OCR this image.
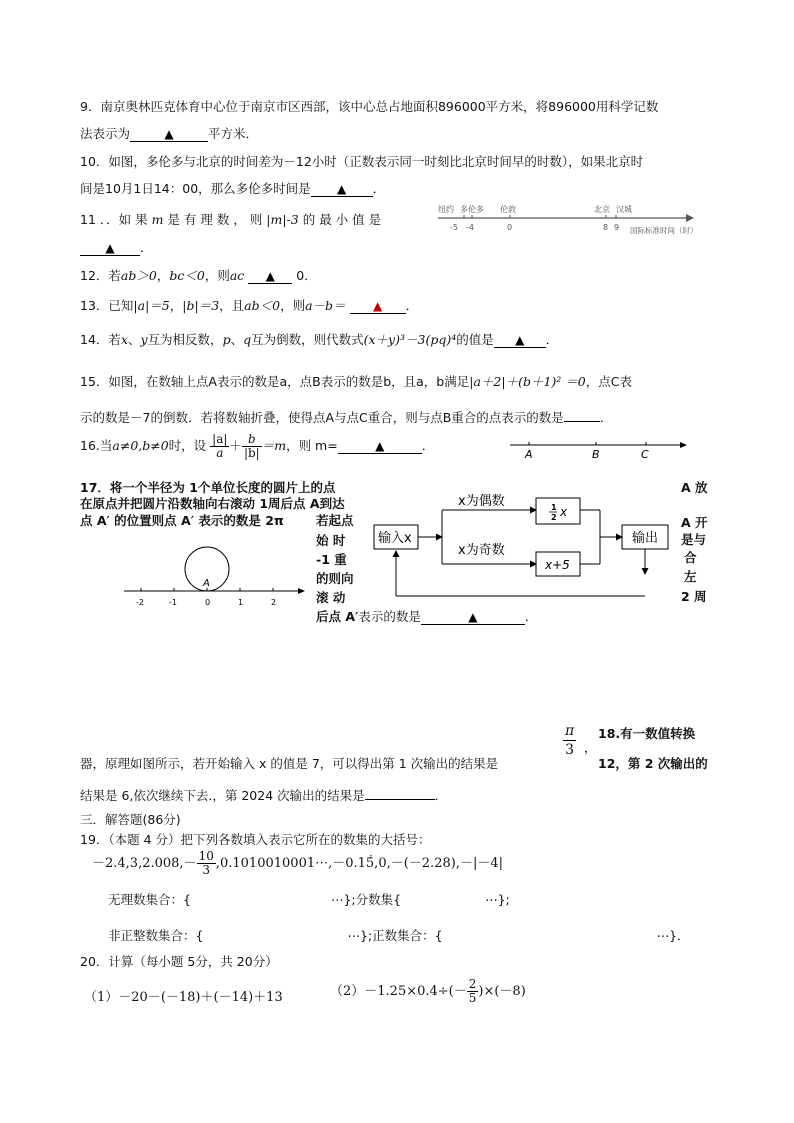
9．南京奥林匹克体育中心位于南京市区西部，该中心总占地面积896000平方米，将896000用科学记数
法表示为	▲	平方米．
10．如图，多伦多与北京的时间差为－12小时（正数表示同一时刻比北京时间早的时数），如果北京时
间是10月1日14：00，那么多伦多时间是 ▲ ．
11 ．．如 果 m 是 有 理 数 ， 则 |m|-3 的 最 小 值 是
▲ ．
纽约 多伦多 伦敦	北京 汉城
-5 -4	0	8 9 国际标准时间（时）
12．若ab＞0，bc＜0，则ac ▲ 0．
13．已知|a|＝5，|b|＝3，且ab＜0，则a－b＝ ▲ ．
14．若x、y互为相反数，p、q互为倒数，则代数式(x＋y)³－3(pq)⁴的值是 ▲ ．
15．如图，在数轴上点A表示的数是a，点B表示的数是b，且a，b满足|a＋2|＋(b＋1)² ＝0，点C表
示的数是－7的倒数．若将数轴折叠，使得点A与点C重合，则与点B重合的点表示的数是	．
16.当a≠0,b≠0时，设 $\frac{|a|}{a} + \frac{b}{|b|} =m$，则 m=	▲	．
A	B	C
17．将一个半径为 1个单位长度的圆片上的点
在原点并把圆片沿数轴向右滚动 1周后点 A到达
点 A′ 的位置则点 A′ 表示的数是 2π	若起点
A 放
A 开
始 时
-1 重
的则向
滚 动
后点 A′表示的数是	▲	．
是与
合
左
2 周
A
-2	-1	0	1	2
输入x
x为偶数
x为奇数
1
2 x
x+5
输出
$\frac{\pi}{3}$ ，
18.有一数值转换
器，原理如图所示，若开始输入 x 的值是 7，可以得出第 1 次输出的结果是	12，第 2 次输出的
结果是 6,依次继续下去.，第 2024 次输出的结果是	．
三．解答题(86分)
19．（本题 4 分）把下列各数填入表示它所在的数集的大括号：
$-2.4,3,2.008,- \frac{10}{3}$ ,0.1010010001⋯,－0.15̇̇,0,－(－2.28),－|－4|
无理数集合：{	⋯};分数集{	⋯};
非正整数集合：{	⋯};正数集合：{	⋯}．
20．计算（每小题 5分，共 20分）
（1）－20－(－18)＋(－14)＋13	$(2)-1.25\times 0.4\div(- \frac{2}{5} )\times(-8)$
